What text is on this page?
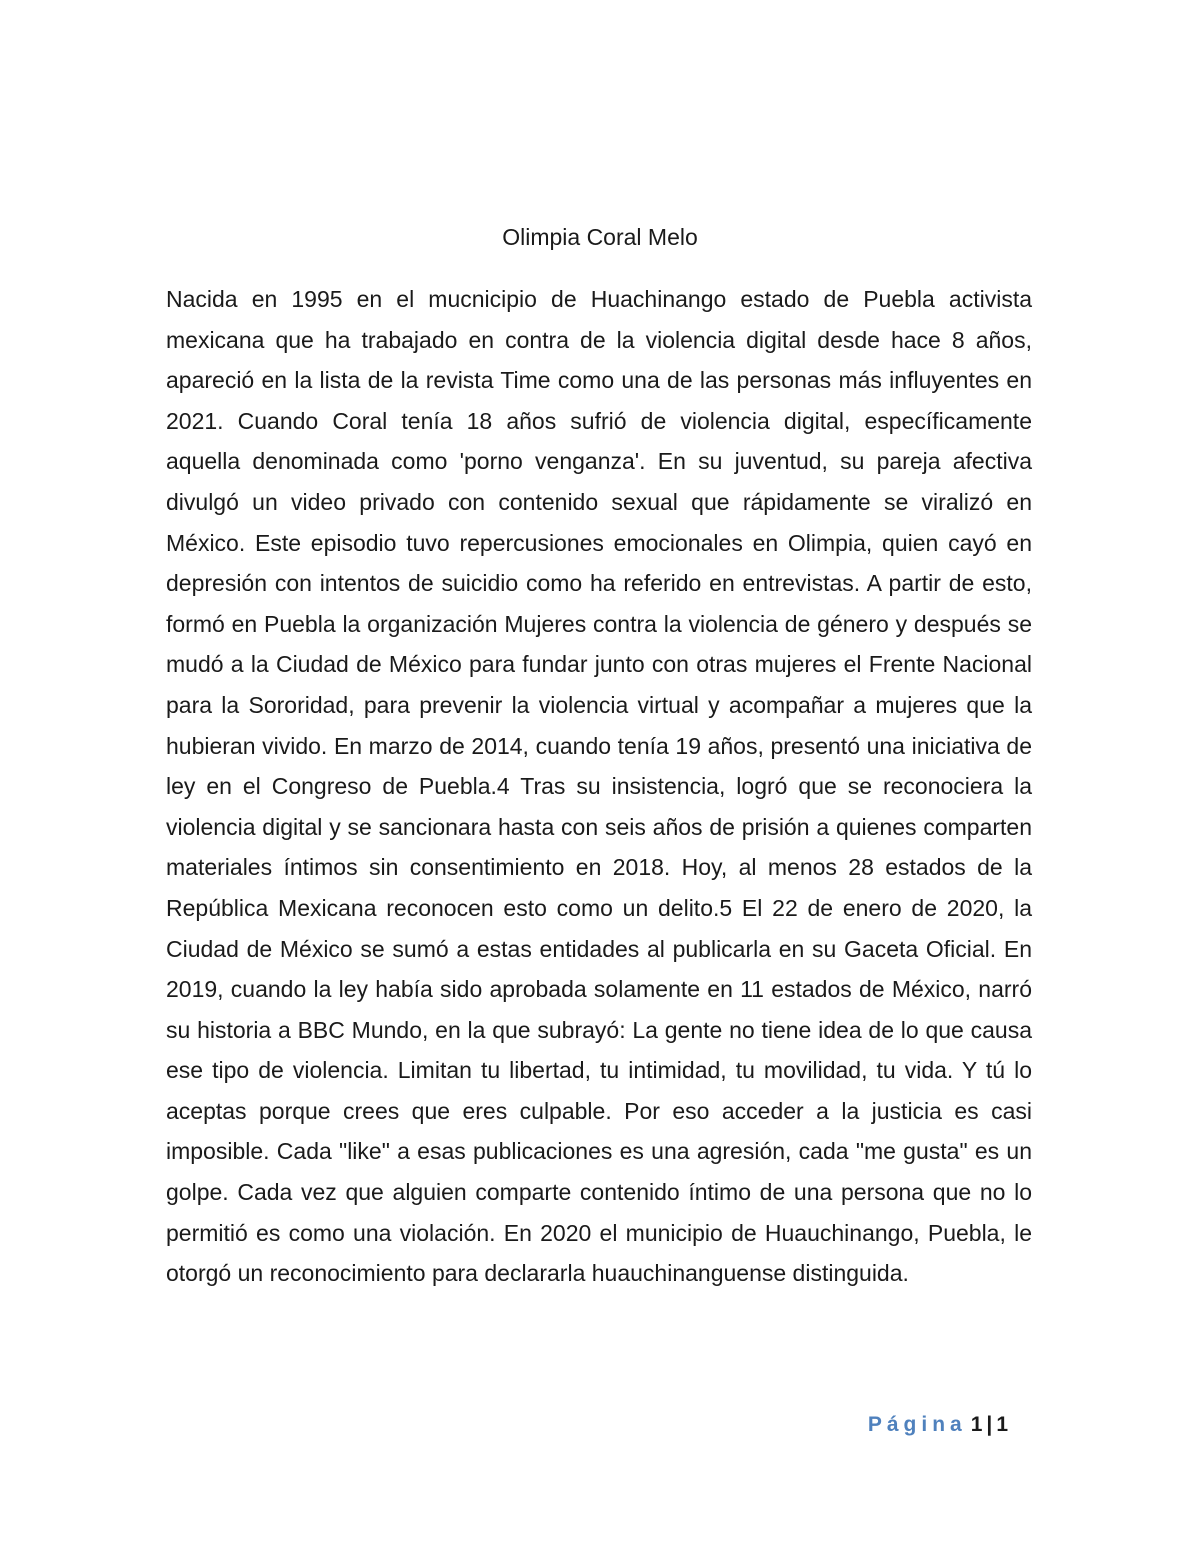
Olimpia Coral Melo

Nacida en 1995 en el mucnicipio de Huachinango estado de Puebla activista mexicana que ha trabajado en contra de la violencia digital desde hace 8 años, apareció en la lista de la revista Time como una de las personas más influyentes en 2021. Cuando Coral tenía 18 años sufrió de violencia digital, específicamente aquella denominada como 'porno venganza'. En su juventud, su pareja afectiva divulgó un video privado con contenido sexual que rápidamente se viralizó en México. Este episodio tuvo repercusiones emocionales en Olimpia, quien cayó en depresión con intentos de suicidio como ha referido en entrevistas. A partir de esto, formó en Puebla la organización Mujeres contra la violencia de género y después se mudó a la Ciudad de México para fundar junto con otras mujeres el Frente Nacional para la Sororidad, para prevenir la violencia virtual y acompañar a mujeres que la hubieran vivido. En marzo de 2014, cuando tenía 19 años, presentó una iniciativa de ley en el Congreso de Puebla.4 Tras su insistencia, logró que se reconociera la violencia digital y se sancionara hasta con seis años de prisión a quienes comparten materiales íntimos sin consentimiento en 2018. Hoy, al menos 28 estados de la República Mexicana reconocen esto como un delito.5 El 22 de enero de 2020, la Ciudad de México se sumó a estas entidades al publicarla en su Gaceta Oficial. En 2019, cuando la ley había sido aprobada solamente en 11 estados de México, narró su historia a BBC Mundo, en la que subrayó: La gente no tiene idea de lo que causa ese tipo de violencia. Limitan tu libertad, tu intimidad, tu movilidad, tu vida. Y tú lo aceptas porque crees que eres culpable. Por eso acceder a la justicia es casi imposible. Cada "like" a esas publicaciones es una agresión, cada "me gusta" es un golpe. Cada vez que alguien comparte contenido íntimo de una persona que no lo permitió es como una violación. En 2020 el municipio de Huauchinango, Puebla, le otorgó un reconocimiento para declararla huauchinanguense distinguida.

Página 1 | 1
